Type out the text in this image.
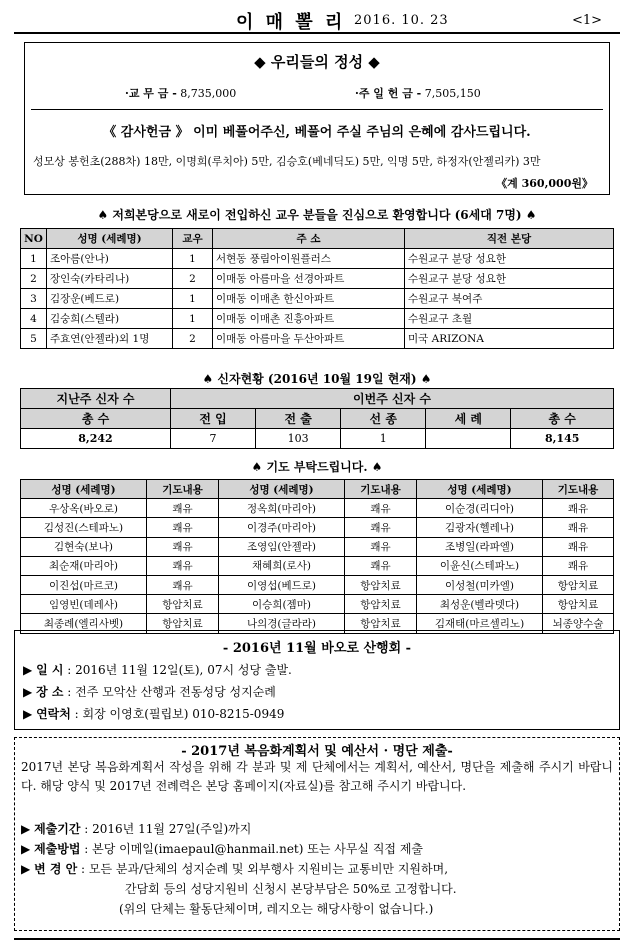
이 매 뽈 리 2016. 10. 23	<1>
◆ 우리들의 정성 ◆
·교 무 금 - 8,735,000	·주 일 헌 금 - 7,505,150
《 감사헌금 》 이미 베풀어주신, 베풀어 주실 주님의 은혜에 감사드립니다.
성모상 봉헌초(288차) 18만, 이명희(루치아) 5만, 김승호(베네딕도) 5만, 익명 5만, 하정자(안젤리카) 3만
《계 360,000원》
♠ 저희본당으로 새로이 전입하신 교우 분들을 진심으로 환영합니다 (6세대 7명) ♠
NO	성명 (세례명)	교우	주 소	직전 본당
1	조아름(안나)	1	서현동 풍림아이원플러스	수원교구 분당 성요한
2	장인숙(카타리나)	2	이매동 아름마을 선경아파트	수원교구 분당 성요한
3	김장운(베드로)	1	이매동 이매촌 한신아파트	수원교구 북여주
4	김숭희(스텔라)	1	이매동 이매촌 진흥아파트	수원교구 초월
5	주효연(안젤라)외 1명	2	이매동 아름마을 두산아파트	미국 ARIZONA
♠ 신자현황 (2016년 10월 19일 현재) ♠
지난주 신자 수	이번주 신자 수				
총 수	전 입	전 출	선 종	세 례	총 수
8,242	7	103	1		8,145
♠ 기도 부탁드립니다. ♠
성명 (세례명)	기도내용	성명 (세례명)	기도내용	성명 (세례명)	기도내용
우상옥(바오로)	쾌유	정옥희(마리아)	쾌유	이순경(리디아)	쾌유
김성진(스테파노)	쾌유	이경주(마리아)	쾌유	김광자(헬레나)	쾌유
김현숙(보나)	쾌유	조영임(안젤라)	쾌유	조병일(라파엘)	쾌유
최순재(마리아)	쾌유	채혜희(로사)	쾌유	이윤신(스테파노)	쾌유
이진섭(마르코)	쾌유	이영섭(베드로)	항암치료	이성철(미카엘)	항암치료
임영빈(데레사)	항암치료	이승희(젬마)	항암치료	최성운(벨라뎃다)	항암치료
최종례(엘리사벳)	항암치료	나의경(글라라)	항암치료	김재태(마르셀리노)	뇌종양수술
- 2016년 11월 바오로 산행회 -
▶ 일 시 : 2016년 11월 12일(토), 07시 성당 출발.
▶ 장 소 : 전주 모악산 산행과 전동성당 성지순례
▶ 연락처 : 회장 이영호(필립보) 010-8215-0949
- 2017년 복음화계획서 및 예산서 · 명단 제출-
2017년 본당 복음화계획서 작성을 위해 각 분과 및 제 단체에서는 계획서, 예산서, 명단을 제출해 주시기 바랍니다. 해당 양식 및 2017년 전례력은 본당 홈페이지(자료실)를 참고해 주시기 바랍니다.
▶ 제출기간 : 2016년 11월 27일(주일)까지
▶ 제출방법 : 본당 이메일(imaepaul@hanmail.net) 또는 사무실 직접 제출
▶ 변 경 안 : 모든 분과/단체의 성지순례 및 외부행사 지원비는 교통비만 지원하며,
간담회 등의 성당지원비 신청시 본당부담은 50%로 고정합니다.
(위의 단체는 활동단체이며, 레지오는 해당사항이 없습니다.)
